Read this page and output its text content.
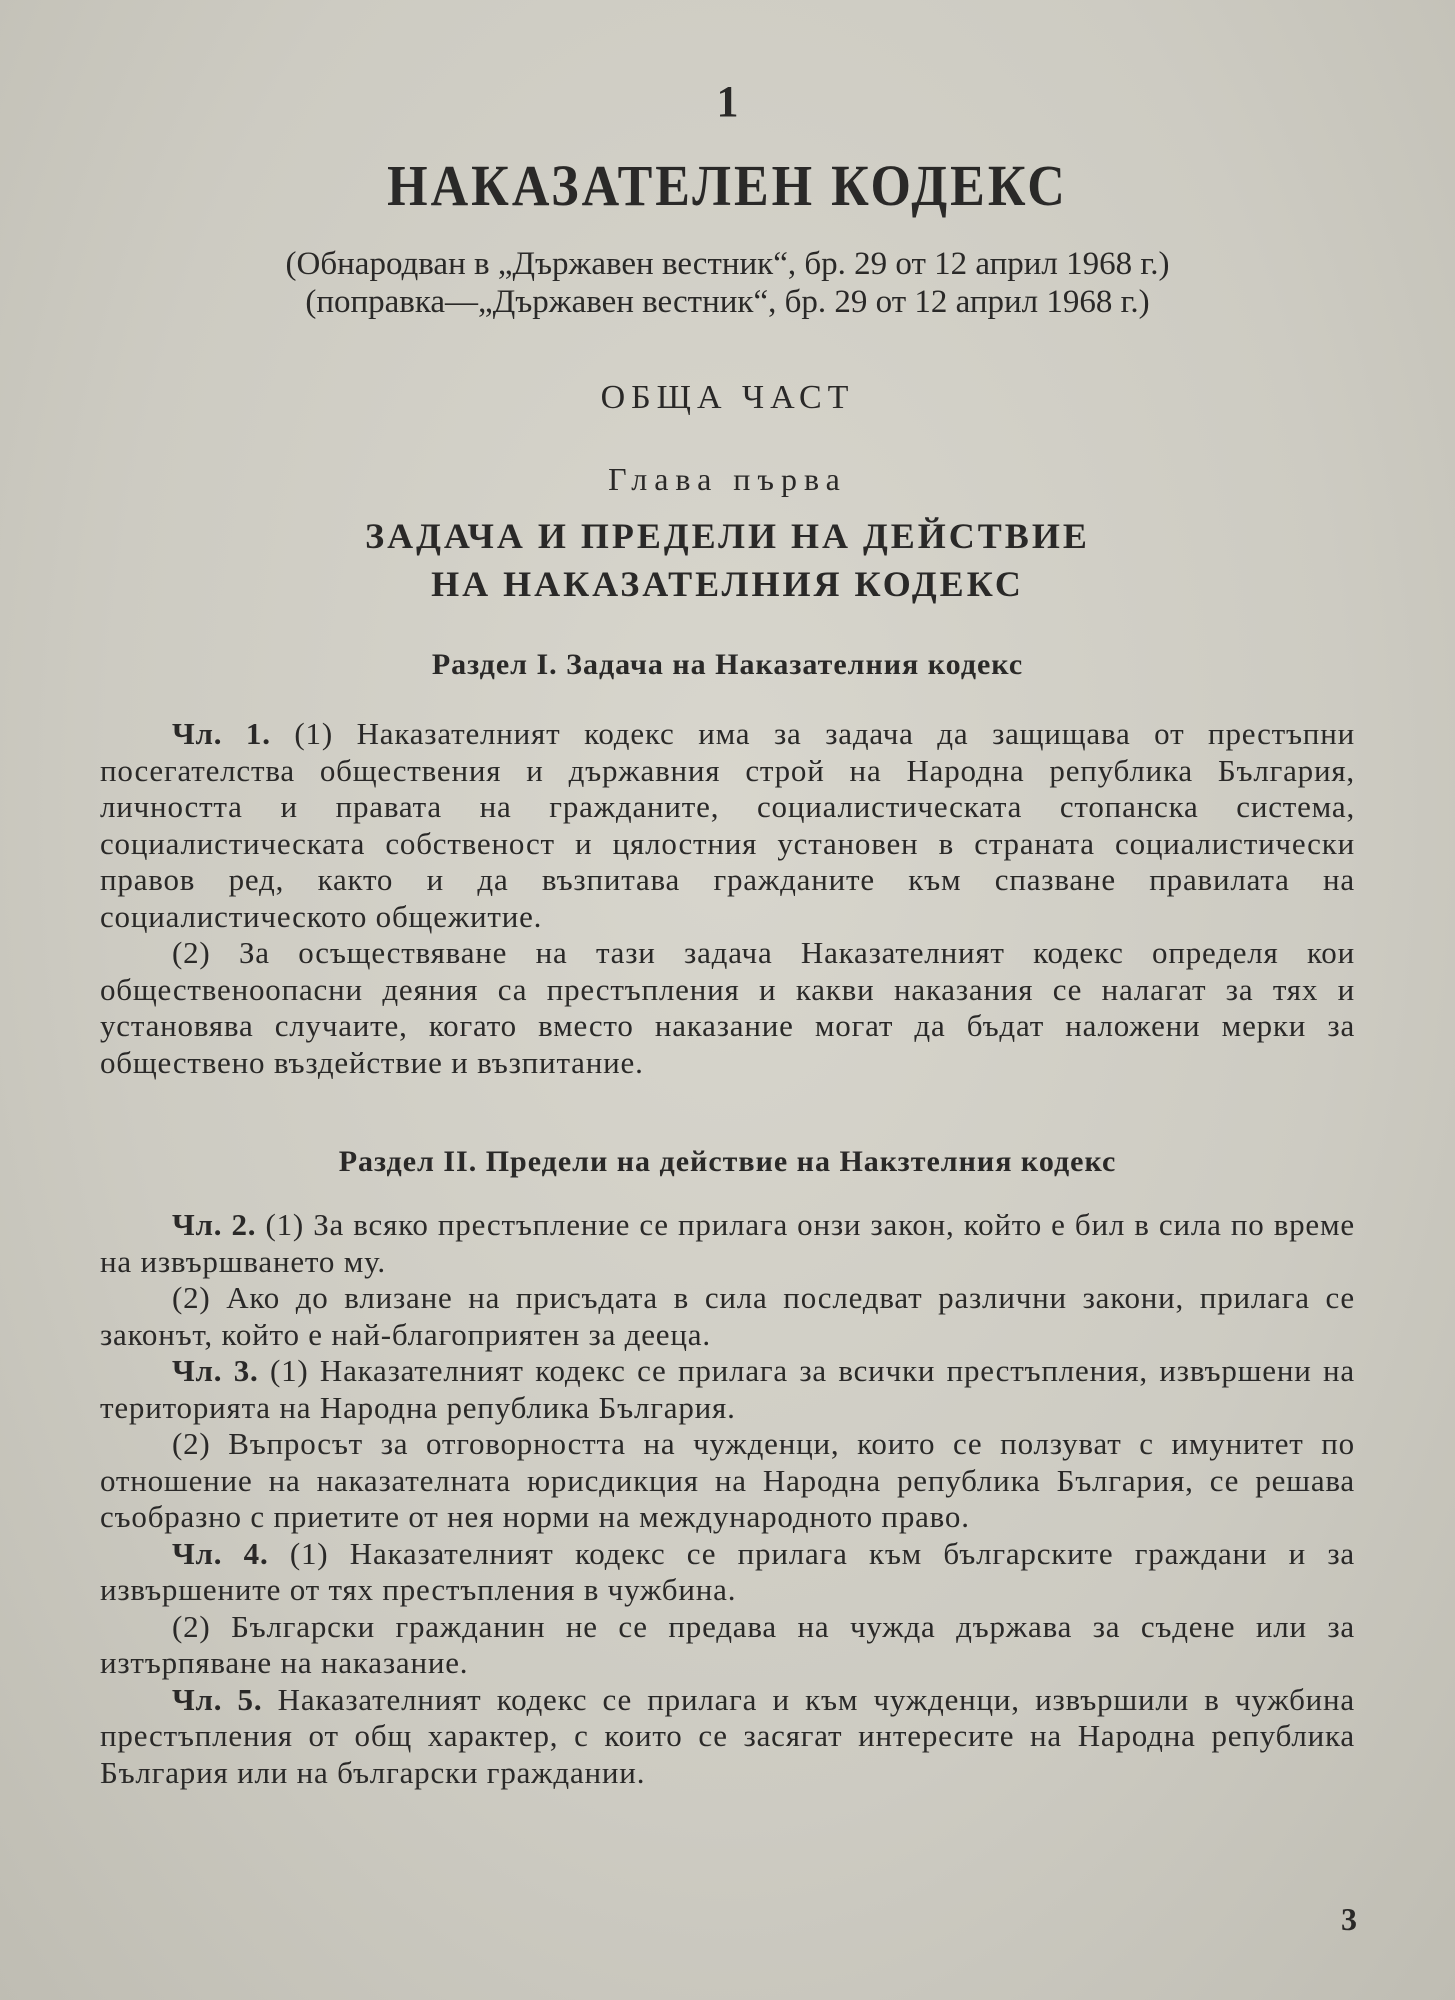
1
НАКАЗАТЕЛЕН КОДЕКС
(Обнародван в „Държавен вестник“, бр. 29 от 12 април 1968 г.)
(поправка—„Държавен вестник“, бр. 29 от 12 април 1968 г.)
ОБЩА ЧАСТ
Глава първа
ЗАДАЧА И ПРЕДЕЛИ НА ДЕЙСТВИЕ
НА НАКАЗАТЕЛНИЯ КОДЕКС
Раздел I. Задача на Наказателния кодекс

Чл. 1. (1) Наказателният кодекс има за задача да защищава от престъпни посегателства обществения и държавния строй на Народна република България, личността и правата на гражданите, социалистическата стопанска система, социалистическата собственост и цялостния установен в страната социалистически правов ред, както и да възпитава гражданите към спазване правилата на социалистическото общежитие.

(2) За осъществяване на тази задача Наказателният кодекс определя кои общественоопасни деяния са престъпления и какви наказания се налагат за тях и установява случаите, когато вместо наказание могат да бъдат наложени мерки за обществено въздействие и възпитание.

Раздел II. Предели на действие на Накзтелния кодекс

Чл. 2. (1) За всяко престъпление се прилага онзи закон, който е бил в сила по време на извършването му.

(2) Ако до влизане на присъдата в сила последват различни закони, прилага се законът, който е най-благоприятен за дееца.

Чл. 3. (1) Наказателният кодекс се прилага за всички престъпления, извършени на територията на Народна република България.

(2) Въпросът за отговорността на чужденци, които се ползуват с имунитет по отношение на наказателната юрисдикция на Народна република България, се решава съобразно с приетите от нея норми на международното право.

Чл. 4. (1) Наказателният кодекс се прилага към българските граждани и за извършените от тях престъпления в чужбина.

(2) Български гражданин не се предава на чужда държава за съдене или за изтърпяване на наказание.

Чл. 5. Наказателният кодекс се прилага и към чужденци, извършили в чужбина престъпления от общ характер, с които се засягат интересите на Народна република България или на български граждании.

3
